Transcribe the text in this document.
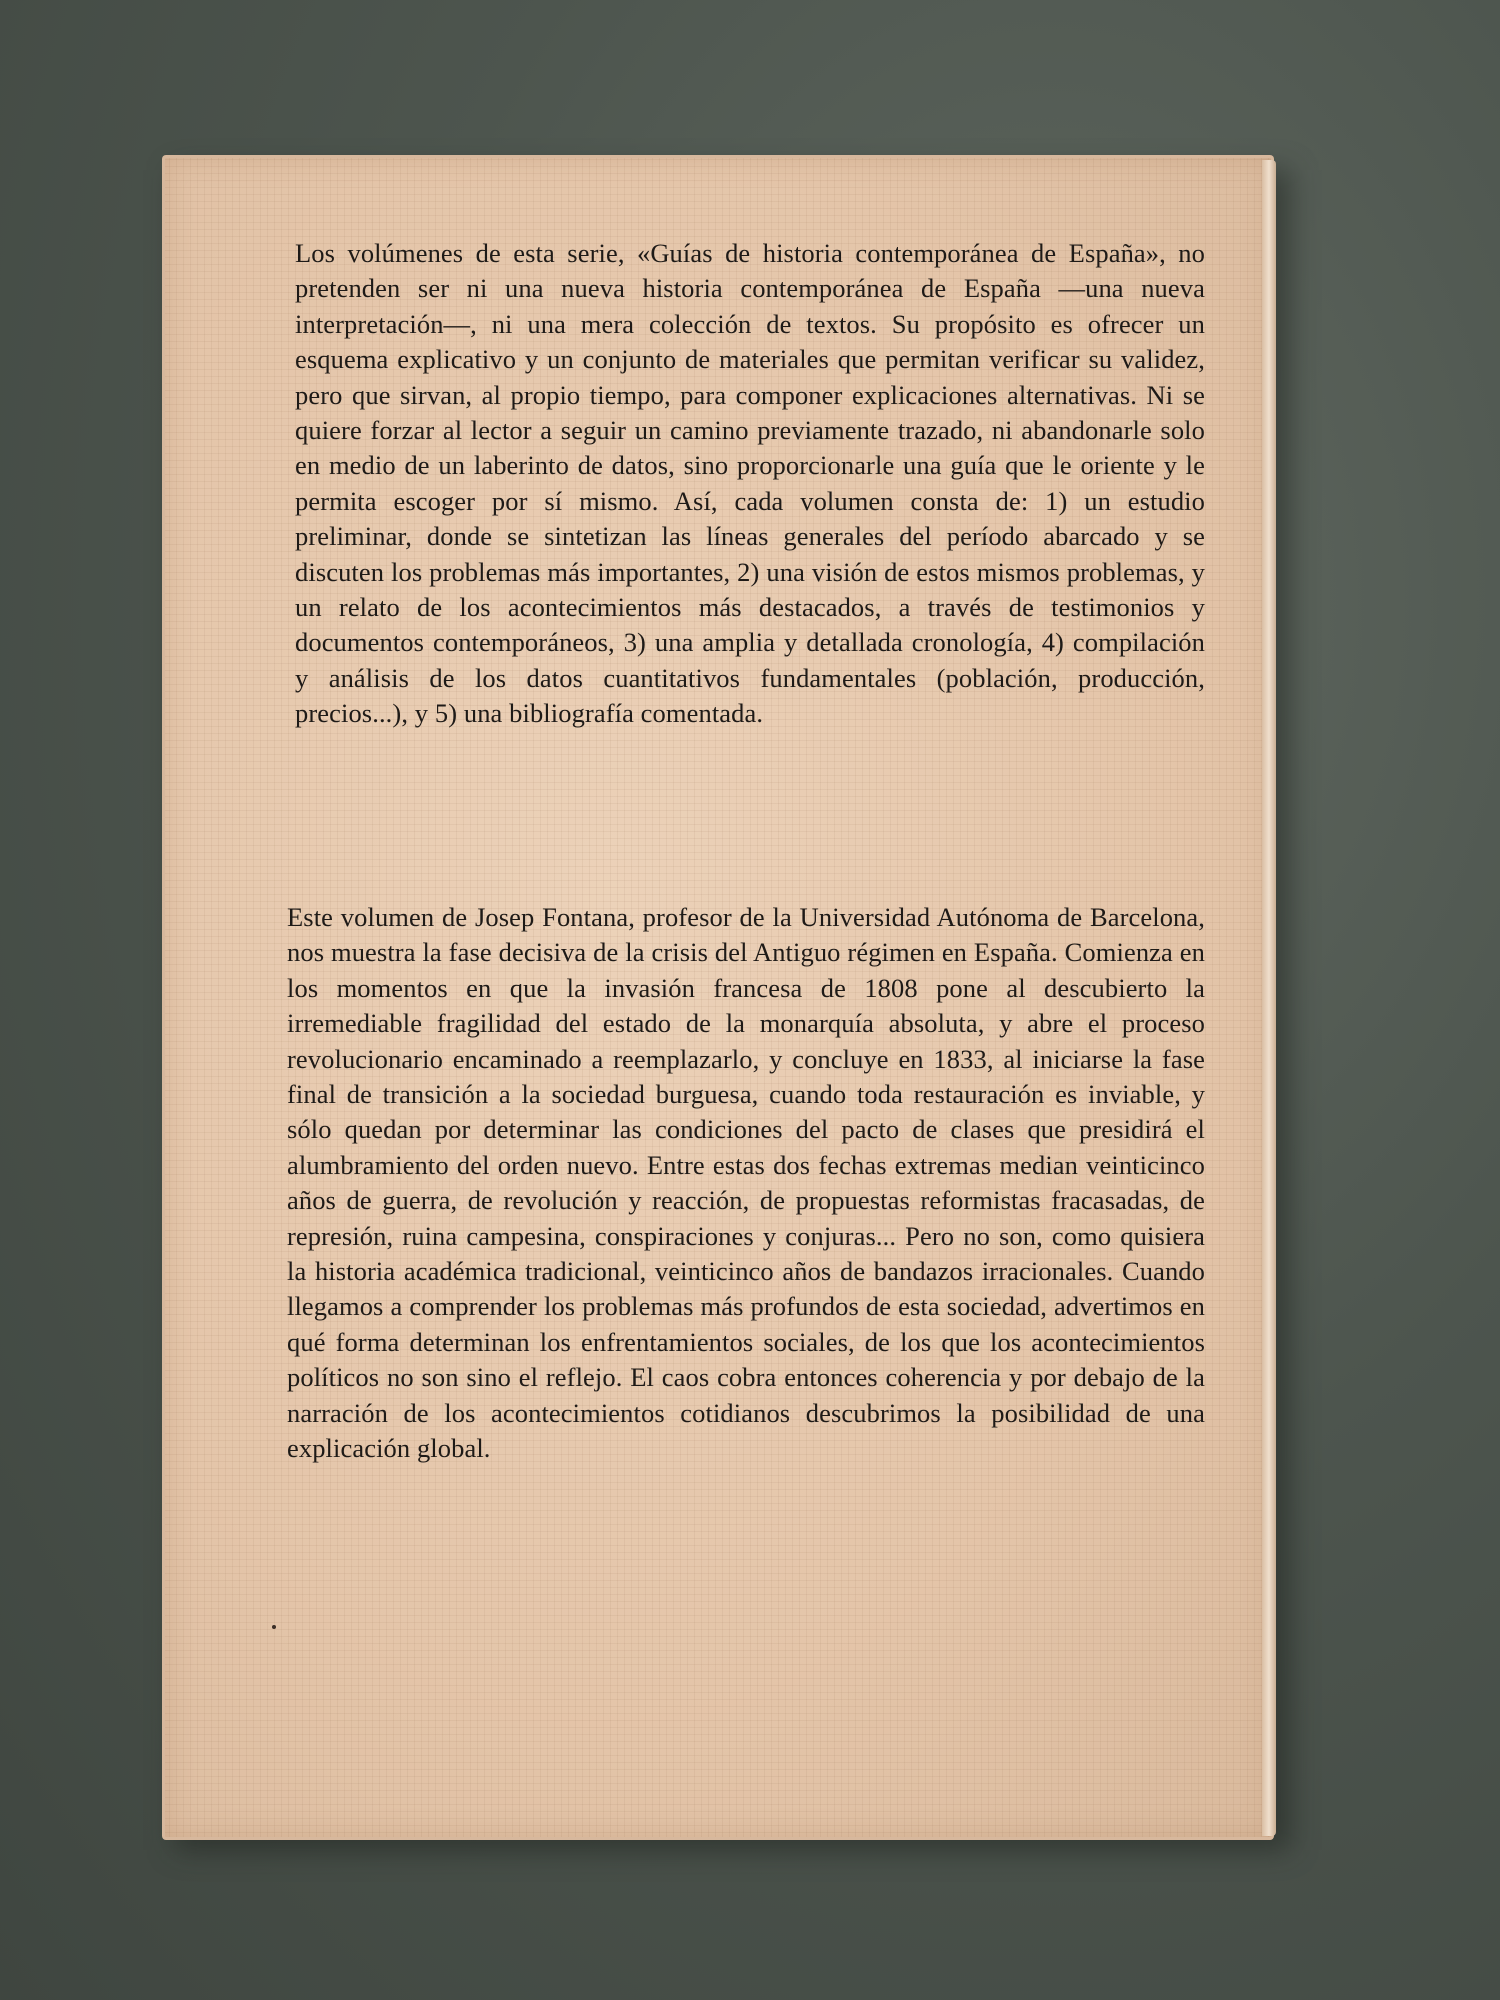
Los volúmenes de esta serie, «Guías de historia contemporánea de España», no pretenden ser ni una nueva historia contemporánea de España —una nueva interpretación—, ni una mera colección de textos. Su propósito es ofrecer un esquema explicativo y un conjunto de materiales que permitan verificar su validez, pero que sirvan, al propio tiempo, para componer explicaciones alternativas. Ni se quiere forzar al lector a seguir un camino previamente trazado, ni abandonarle solo en medio de un laberinto de datos, sino proporcionarle una guía que le oriente y le permita escoger por sí mismo. Así, cada volumen consta de: 1) un estudio preliminar, donde se sintetizan las líneas generales del período abarcado y se discuten los problemas más importantes, 2) una visión de estos mismos problemas, y un relato de los acontecimientos más destacados, a través de testimonios y documentos contemporáneos, 3) una amplia y detallada cronología, 4) compilación y análisis de los datos cuantitativos fundamentales (población, producción, precios...), y 5) una bibliografía comentada.

Este volumen de Josep Fontana, profesor de la Universidad Autónoma de Barcelona, nos muestra la fase decisiva de la crisis del Antiguo régimen en España. Comienza en los momentos en que la invasión francesa de 1808 pone al descubierto la irremediable fragilidad del estado de la monarquía absoluta, y abre el proceso revolucionario encaminado a reemplazarlo, y concluye en 1833, al iniciarse la fase final de transición a la sociedad burguesa, cuando toda restauración es inviable, y sólo quedan por determinar las condiciones del pacto de clases que presidirá el alumbramiento del orden nuevo. Entre estas dos fechas extremas median veinticinco años de guerra, de revolución y reacción, de propuestas reformistas fracasadas, de represión, ruina campesina, conspiraciones y conjuras... Pero no son, como quisiera la historia académica tradicional, veinticinco años de bandazos irracionales. Cuando llegamos a comprender los problemas más profundos de esta sociedad, advertimos en qué forma determinan los enfrentamientos sociales, de los que los acontecimientos políticos no son sino el reflejo. El caos cobra entonces coherencia y por debajo de la narración de los acontecimientos cotidianos descubrimos la posibilidad de una explicación global.
